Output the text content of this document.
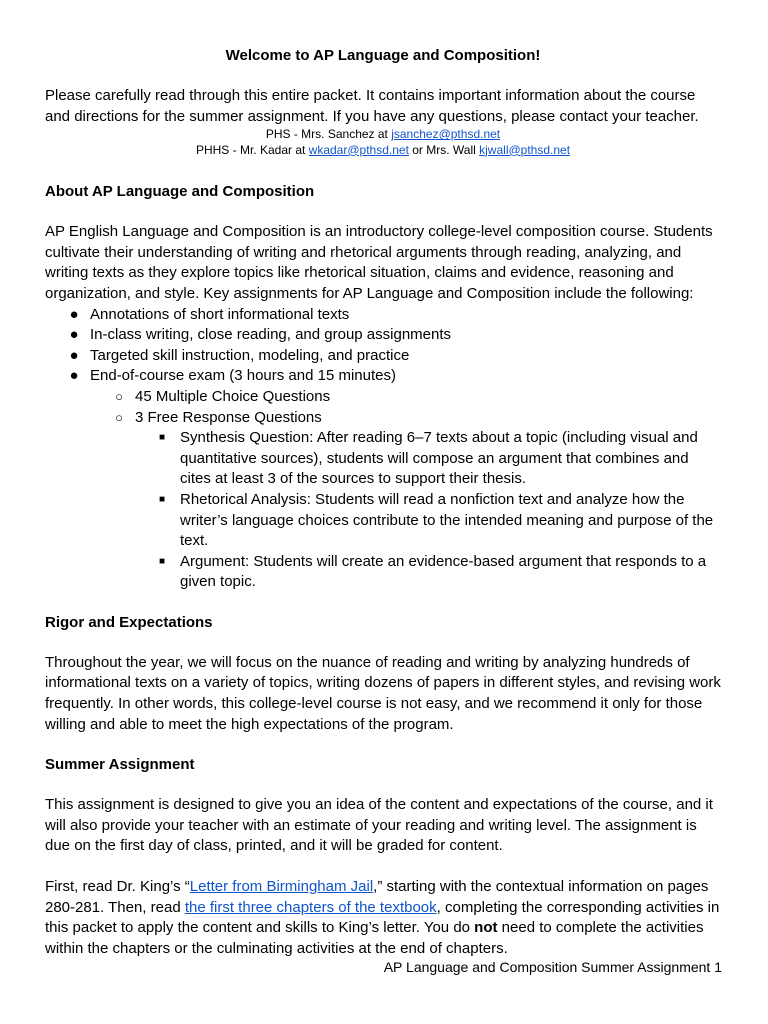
Welcome to AP Language and Composition!

Please carefully read through this entire packet. It contains important information about the course and directions for the summer assignment. If you have any questions, please contact your teacher.

PHS - Mrs. Sanchez at jsanchez@pthsd.net
PHHS - Mr. Kadar at wkadar@pthsd.net or Mrs. Wall kjwall@pthsd.net
About AP Language and Composition

AP English Language and Composition is an introductory college-level composition course. Students cultivate their understanding of writing and rhetorical arguments through reading, analyzing, and writing texts as they explore topics like rhetorical situation, claims and evidence, reasoning and organization, and style. Key assignments for AP Language and Composition include the following:

● Annotations of short informational texts
● In-class writing, close reading, and group assignments
● Targeted skill instruction, modeling, and practice
● End-of-course exam (3 hours and 15 minutes)
○ 45 Multiple Choice Questions
○ 3 Free Response Questions
■ Synthesis Question: After reading 6–7 texts about a topic (including visual and quantitative sources), students will compose an argument that combines and cites at least 3 of the sources to support their thesis.
■ Rhetorical Analysis: Students will read a nonfiction text and analyze how the writer’s language choices contribute to the intended meaning and purpose of the text.
■ Argument: Students will create an evidence-based argument that responds to a given topic.
Rigor and Expectations

Throughout the year, we will focus on the nuance of reading and writing by analyzing hundreds of informational texts on a variety of topics, writing dozens of papers in different styles, and revising work frequently. In other words, this college-level course is not easy, and we recommend it only for those willing and able to meet the high expectations of the program.

Summer Assignment

This assignment is designed to give you an idea of the content and expectations of the course, and it will also provide your teacher with an estimate of your reading and writing level. The assignment is due on the first day of class, printed, and it will be graded for content.

First, read Dr. King’s “Letter from Birmingham Jail,” starting with the contextual information on pages 280-281. Then, read the first three chapters of the textbook, completing the corresponding activities in this packet to apply the content and skills to King’s letter. You do not need to complete the activities within the chapters or the culminating activities at the end of chapters.

AP Language and Composition Summer Assignment 1
